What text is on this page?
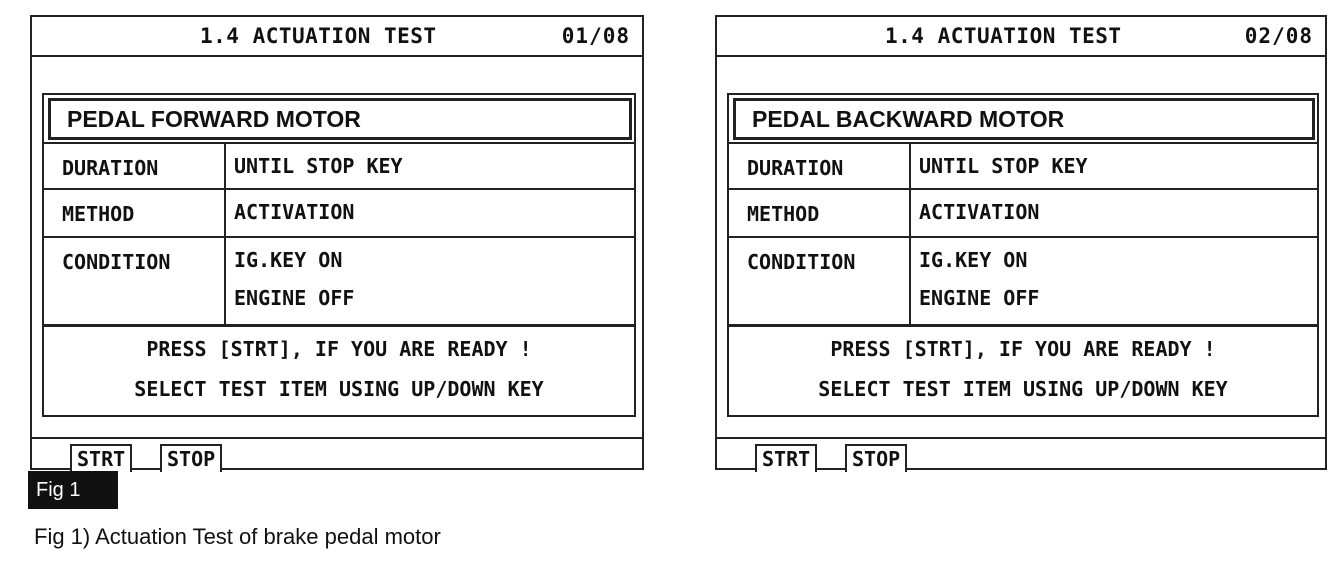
1.4 ACTUATION TEST	01/08
PEDAL FORWARD MOTOR
DURATION	UNTIL STOP KEY
METHOD	ACTIVATION
CONDITION	IG.KEY ON
ENGINE OFF
PRESS [STRT], IF YOU ARE READY !
SELECT TEST ITEM USING UP/DOWN KEY
STRT	STOP
1.4 ACTUATION TEST	02/08
PEDAL BACKWARD MOTOR
DURATION	UNTIL STOP KEY
METHOD	ACTIVATION
CONDITION	IG.KEY ON
ENGINE OFF
PRESS [STRT], IF YOU ARE READY !
SELECT TEST ITEM USING UP/DOWN KEY
STRT	STOP
Fig 1
Fig 1) Actuation Test of brake pedal motor
